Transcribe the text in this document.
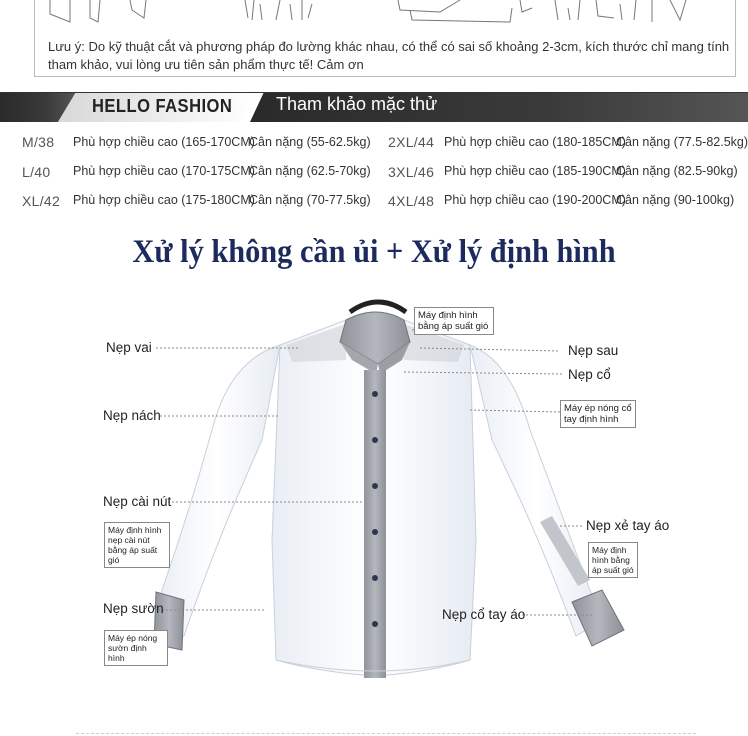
Lưu ý: Do kỹ thuật cắt và phương pháp đo lường khác nhau, có thể có sai số khoảng 2-3cm, kích thước chỉ mang tính tham khảo, vui lòng ưu tiên sản phẩm thực tế! Cảm ơn
HELLO FASHION Tham khảo mặc thử
M/38 Phù hợp chiều cao (165-170CM)
Cân nặng (55-62.5kg)
L/40 Phù hợp chiều cao (170-175CM)
Cân nặng (62.5-70kg)
XL/42 Phù hợp chiều cao (175-180CM)
Cân nặng (70-77.5kg)
2XL/44 Phù hợp chiều cao (180-185CM)
Cân nặng (77.5-82.5kg)
3XL/46 Phù hợp chiều cao (185-190CM)
Cân nặng (82.5-90kg)
4XL/48 Phù hợp chiều cao (190-200CM)
Cân nặng (90-100kg)
Xử lý không cần ủi + Xử lý định hình
Nẹp vai
Nẹp nách
Nẹp cài nút
Nẹp sườn
Nẹp sau
Nẹp cổ
Nẹp xẻ tay áo
Nẹp cổ tay áo
Máy định hình bằng áp suất gió
Máy ép nóng cổ tay định hình
Máy định hình nẹp cài nút bằng áp suất gió
Máy ép nóng sườn định hình
Máy định hình bằng áp suất gió
